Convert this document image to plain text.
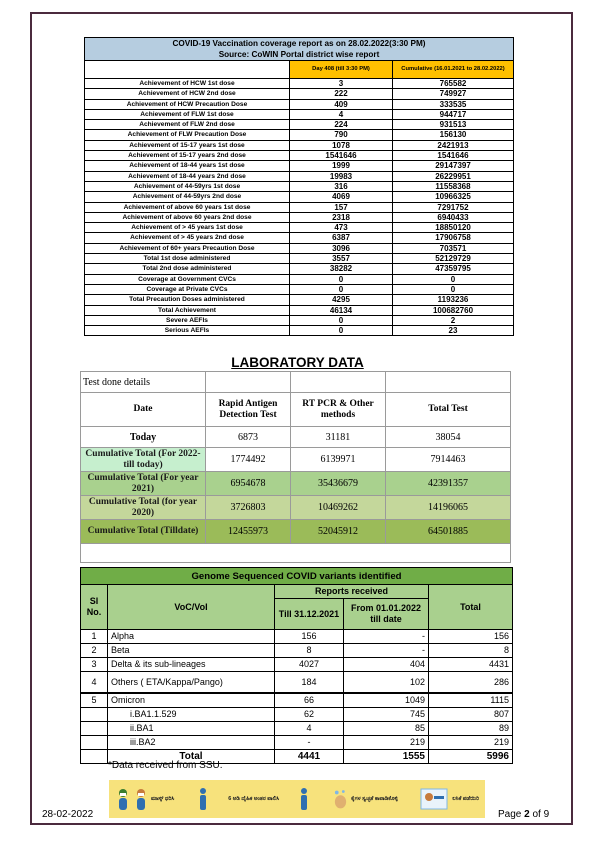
COVID-19 Vaccination coverage report as on 28.02.2022(3:30 PM)		
Source: CoWIN Portal district wise report		
	Day 408 (till 3:30 PM)	Cumulative (16.01.2021 to 28.02.2022)
Achievement of HCW 1st dose	3	765582
Achievement of HCW 2nd dose	222	749927
Achievement of HCW Precaution Dose	409	333535
Achievement of FLW 1st dose	4	944717
Achievement of FLW 2nd dose	224	931513
Achievement of FLW Precaution Dose	790	156130
Achievement of 15-17 years 1st dose	1078	2421913
Achievement of 15-17 years 2nd dose	1541646	1541646
Achievement of 18-44 years 1st dose	1999	29147397
Achievement of 18-44 years 2nd dose	19983	26229951
Achievement of 44-59yrs 1st dose	316	11558368
Achievement of 44-59yrs 2nd dose	4069	10966325
Achievement of above 60 years 1st dose	157	7291752
Achievement of above 60 years 2nd dose	2318	6940433
Achievement of > 45 years 1st dose	473	18850120
Achievement of > 45 years 2nd dose	6387	17906758
Achievement of 60+ years Precaution Dose	3096	703571
Total 1st dose administered	3557	52129729
Total 2nd dose administered	38282	47359795
Coverage at Government CVCs	0	0
Coverage at Private CVCs	0	0
Total Precaution Doses administered	4295	1193236
Total Achievement	46134	100682760
Severe AEFIs	0	2
Serious AEFIs	0	23
LABORATORY DATA
Test done details			
Date	Rapid Antigen Detection Test	RT PCR & Other methods	Total Test
Today	6873	31181	38054
Cumulative Total (For 2022- till today)	1774492	6139971	7914463
Cumulative Total (For year 2021)	6954678	35436679	42391357
Cumulative Total (for year 2020)	3726803	10469262	14196065
Cumulative Total (Tilldate)	12455973	52045912	64501885

Genome Sequenced COVID variants identified				
Sl No.	VoC/VoI	Reports received		Total
		Till 31.12.2021	From 01.01.2022 till date	
1	Alpha	156	-	156
2	Beta	8	-	8
3	Delta & its sub-lineages	4027	404	4431
4	Others ( ETA/Kappa/Pango)	184	102	286
5	Omicron	66	1049	1115
	i.BA1.1.529	62	745	807
	ii.BA1	4	85	89
	iii.BA2	-	219	219
	Total	4441	1555	5996
*Data received from SSU.
ಮಾಸ್ಕ್ ಧರಿಸಿ	6 ಅಡಿ ದೈಹಿಕ ಅಂತರ ಪಾಲಿಸಿ	ಕೈಗಳ ಸ್ವಚ್ಛತೆ ಕಾಪಾಡಿಕೊಳ್ಳಿ	ಲಸಿಕೆ ಪಡೆಯಿರಿ
28-02-2022	Page 2 of 9
